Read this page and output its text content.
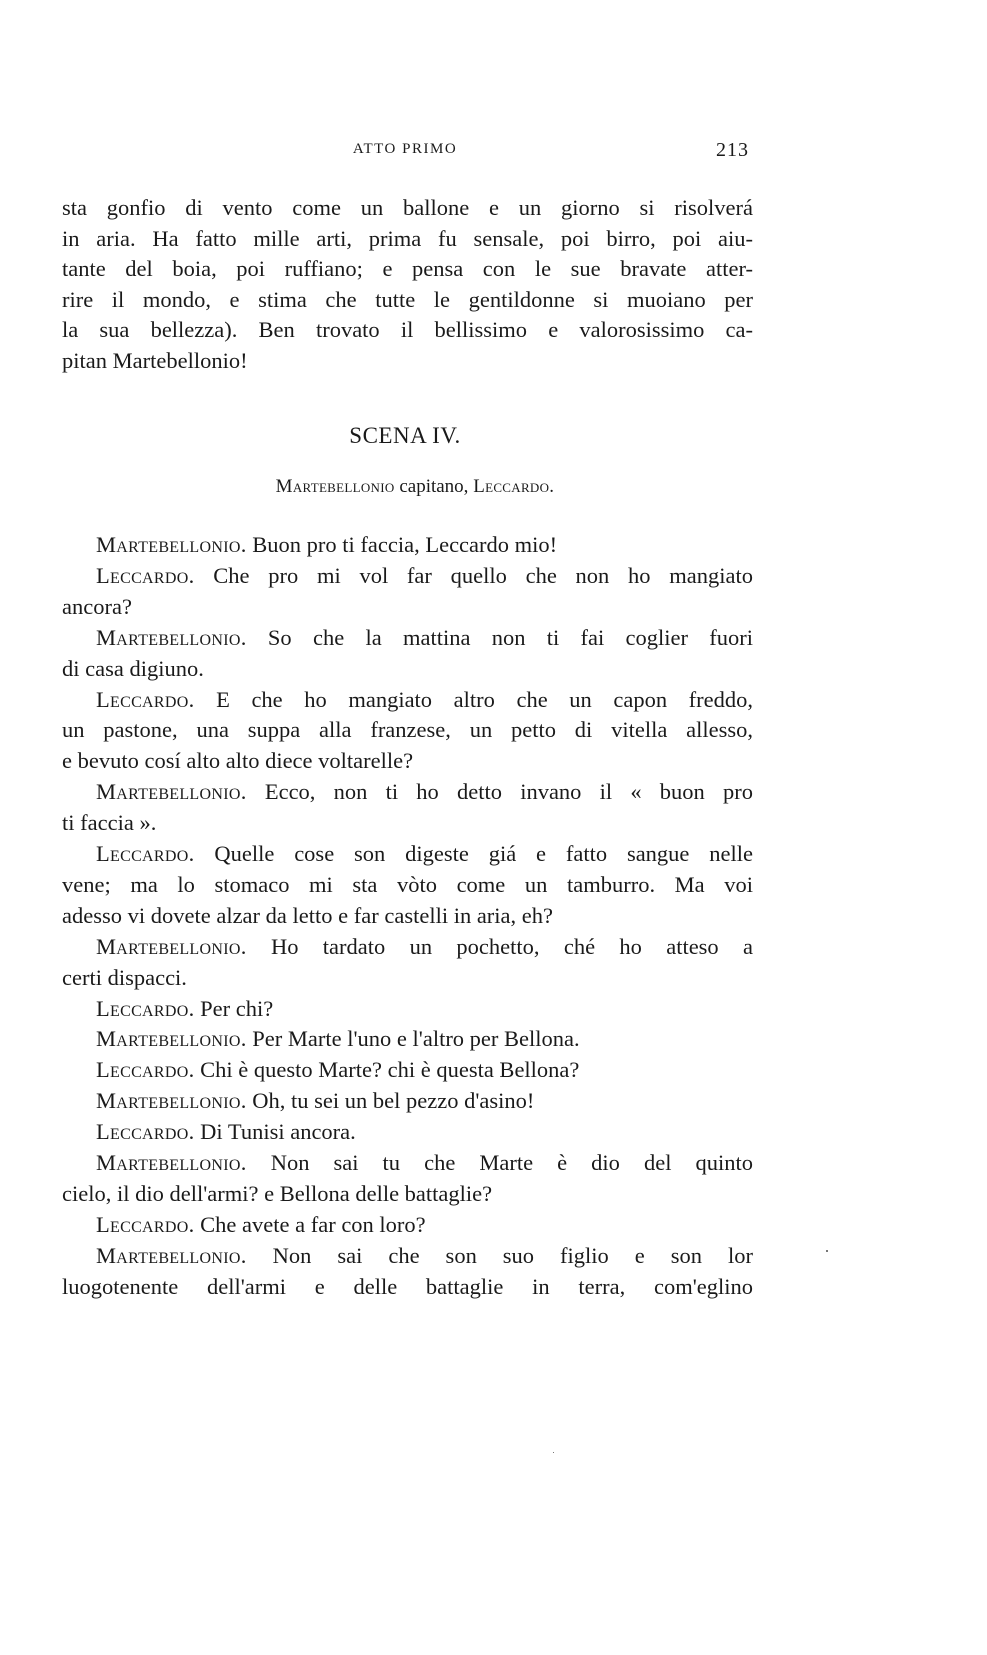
ATTO PRIMO	213
sta gonfio di vento come un ballone e un giorno si risolverá
in aria. Ha fatto mille arti, prima fu sensale, poi birro, poi aiu-
tante del boia, poi ruffiano; e pensa con le sue bravate atter-
rire il mondo, e stima che tutte le gentildonne si muoiano per
la sua bellezza). Ben trovato il bellissimo e valorosissimo ca-
pitan Martebellonio!
SCENA IV.
Martebellonio capitano, Leccardo.
Martebellonio. Buon pro ti faccia, Leccardo mio!
Leccardo. Che pro mi vol far quello che non ho mangiato
ancora?
Martebellonio. So che la mattina non ti fai coglier fuori
di casa digiuno.
Leccardo. E che ho mangiato altro che un capon freddo,
un pastone, una suppa alla franzese, un petto di vitella allesso,
e bevuto cosí alto alto diece voltarelle?
Martebellonio. Ecco, non ti ho detto invano il « buon pro
ti faccia ».
Leccardo. Quelle cose son digeste giá e fatto sangue nelle
vene; ma lo stomaco mi sta vòto come un tamburro. Ma voi
adesso vi dovete alzar da letto e far castelli in aria, eh?
Martebellonio. Ho tardato un pochetto, ché ho atteso a
certi dispacci.
Leccardo. Per chi?
Martebellonio. Per Marte l'uno e l'altro per Bellona.
Leccardo. Chi è questo Marte? chi è questa Bellona?
Martebellonio. Oh, tu sei un bel pezzo d'asino!
Leccardo. Di Tunisi ancora.
Martebellonio. Non sai tu che Marte è dio del quinto
cielo, il dio dell'armi? e Bellona delle battaglie?
Leccardo. Che avete a far con loro?
Martebellonio. Non sai che son suo figlio e son lor
luogotenente dell'armi e delle battaglie in terra, com'eglino
